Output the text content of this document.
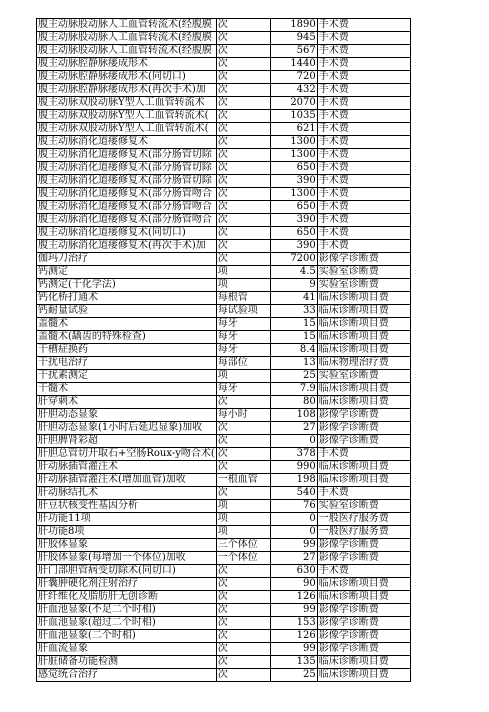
腹主动脉股动脉人工血管转流术(经腹膜	次	1890	手术费
腹主动脉股动脉人工血管转流术(经腹膜	次	945	手术费
腹主动脉股动脉人工血管转流术(经腹膜	次	567	手术费
腹主动脉腔静脉瘘成形术	次	1440	手术费
腹主动脉腔静脉瘘成形术(同切口)	次	720	手术费
腹主动脉腔静脉瘘成形术(再次手术)加	次	432	手术费
腹主动脉双股动脉Y型人工血管转流术	次	2070	手术费
腹主动脉双股动脉Y型人工血管转流术(	次	1035	手术费
腹主动脉双股动脉Y型人工血管转流术(	次	621	手术费
腹主动脉消化道瘘修复术	次	1300	手术费
腹主动脉消化道瘘修复术(部分肠管切除	次	1300	手术费
腹主动脉消化道瘘修复术(部分肠管切除	次	650	手术费
腹主动脉消化道瘘修复术(部分肠管切除	次	390	手术费
腹主动脉消化道瘘修复术(部分肠管吻合	次	1300	手术费
腹主动脉消化道瘘修复术(部分肠管吻合	次	650	手术费
腹主动脉消化道瘘修复术(部分肠管吻合	次	390	手术费
腹主动脉消化道瘘修复术(同切口)	次	650	手术费
腹主动脉消化道瘘修复术(再次手术)加	次	390	手术费
伽玛刀治疗	次	7200	影像学诊断费
钙测定	项	4.5	实验室诊断费
钙测定(干化学法)	项	9	实验室诊断费
钙化桥打通术	每根管	41	临床诊断项目费
钙耐量试验	每试验项	33	临床诊断项目费
盖髓术	每牙	15	临床诊断项目费
盖髓术(龋齿的特殊检查)	每牙	15	临床诊断项目费
干槽症换药	每牙	8.4	临床诊断项目费
干扰电治疗	每部位	13	临床物理治疗费
干扰素测定	项	25	实验室诊断费
干髓术	每牙	7.9	临床诊断项目费
肝穿刺术	次	80	临床诊断项目费
肝胆动态显象	每小时	108	影像学诊断费
肝胆动态显象(1小时后延迟显象)加收	次	27	影像学诊断费
肝胆脾肾彩超	次	0	影像学诊断费
肝胆总管切开取石+空肠Roux-y吻合术(	次	378	手术费
肝动脉插管灌注术	次	990	临床诊断项目费
肝动脉插管灌注术(增加血管)加收	一根血管	198	临床诊断项目费
肝动脉结扎术	次	540	手术费
肝豆状核变性基因分析	项	76	实验室诊断费
肝功能11项	项	0	一般医疗服务费
肝功能8项	项	0	一般医疗服务费
肝胶体显象	三个体位	99	影像学诊断费
肝胶体显象(每增加一个体位)加收	一个体位	27	影像学诊断费
肝门部胆管病变切除术(同切口)	次	630	手术费
肝囊肿硬化剂注射治疗	次	90	临床诊断项目费
肝纤维化及脂肪肝无创诊断	次	126	临床诊断项目费
肝血池显象(不足二个时相)	次	99	影像学诊断费
肝血池显象(超过二个时相)	次	153	影像学诊断费
肝血池显象(二个时相)	次	126	影像学诊断费
肝血流显象	次	99	影像学诊断费
肝脏储备功能检测	次	135	临床诊断项目费
感觉统合治疗	次	25	临床诊断项目费
